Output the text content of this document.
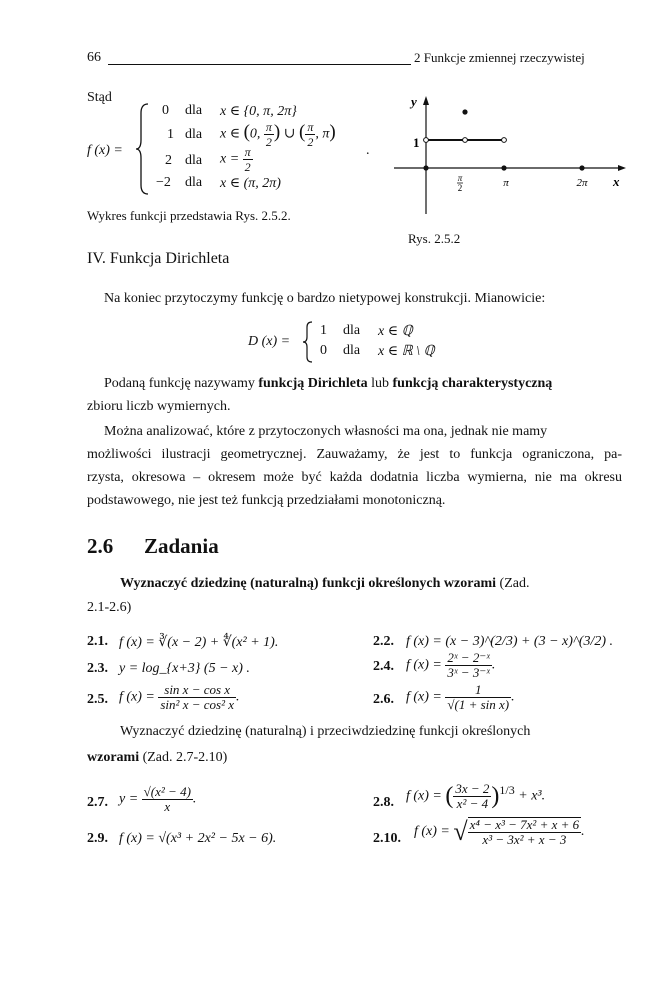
66	2 Funkcje zmiennej rzeczywistej
Stąd
f (x) =
0 dla x ∈ {0, π, 2π}
1 dla x ∈ (0, $\frac{\pi}{2}$ ) ∪ ( $\frac{\pi}{2}$ , π)
.
2 dla $x = \frac{\pi}{2}$
−2 dla x ∈ (π, 2π)
Wykres funkcji przedstawia Rys. 2.5.2.
y
1
π
2	π	2π x
Rys. 2.5.2
IV. Funkcja Dirichleta
Na koniec przytoczymy funkcję o bardzo nietypowej konstrukcji. Mianowicie:
D (x) =
1 dla x ∈ ℚ
0 dla x ∈ ℝ \ ℚ
Podaną funkcję nazywamy funkcją Dirichleta lub funkcją charakterystyczną
zbioru liczb wymiernych.
Można analizować, które z przytoczonych własności ma ona, jednak nie mamy
możliwości ilustracji geometrycznej. Zauważamy, że jest to funkcja ograniczona, pa-
rzysta, okresowa – okresem może być każda dodatnia liczba wymierna, nie ma okresu
podstawowego, nie jest też funkcją przedziałami monotoniczną.
2.6 Zadania
Wyznaczyć dziedzinę (naturalną) funkcji określonych wzorami (Zad.
2.1-2.6)
2.1. f (x) = ∛(x − 2) + ∜(x² + 1).	2.2. f (x) = (x − 3)^(2/3) + (3 − x)^(3/2) .
2.3. y = log_{x+3} (5 − x) .	2.4. f $(x) = \frac{\text{2ˣ − 2⁻ˣ}}{\text{3ˣ − 3⁻ˣ}}$ .
2.5. f $(x) = \frac{\text{sin x − cos x}}{\text{sin² x − cos² x}}$ .	2.6. f $(x) = \frac{1}{\text{√(1 + sin x)}}$ .
Wyznaczyć dziedzinę (naturalną) i przeciwdziedzinę funkcji określonych
wzorami (Zad. 2.7-2.10)
2.7. $y = \frac{\text{√(x² − 4)}}{x}$ .	2.8. f (x) = ( $\frac{3x - 2}{\text{x² − 4}} )^{1/3} + x^3$.
2.9. f (x) = √(x³ + 2x² − 5x − 6).	2.10. f (x) = √ $\frac{\text{x⁴ − x³ − 7x² + x + 6}}{\text{x³ − 3x² + x − 3}}$ .
